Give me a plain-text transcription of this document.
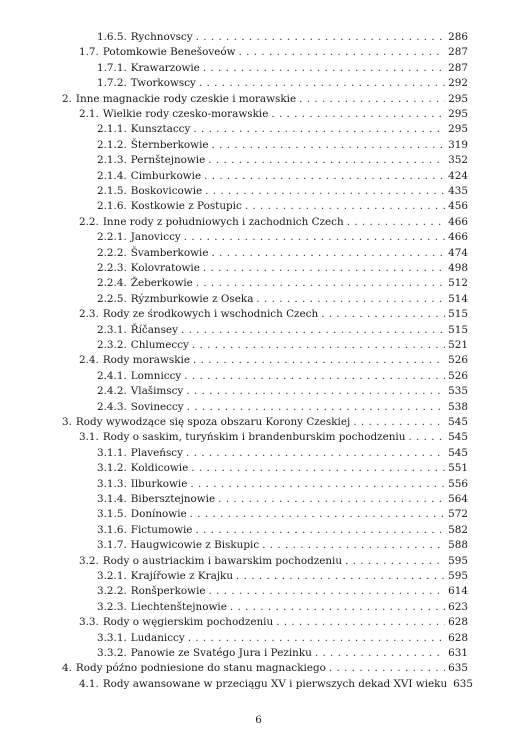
1.6.5. Rychnovscy . . .	286
1.7. Potomkowie Benešoveów . . .	287
1.7.1. Krawarzowie . . .	287
1.7.2. Tworkowscy . . .	292
2. Inne magnackie rody czeskie i morawskie . . .	295
2.1. Wielkie rody czesko-morawskie . . .	295
2.1.1. Kunsztaccy . . .	295
2.1.2. Šternberkowie . . .	319
2.1.3. Pernštejnowie . . .	352
2.1.4. Cimburkowie . . .	424
2.1.5. Boskovicowie . . .	435
2.1.6. Kostkowie z Postupic . . .	456
2.2. Inne rody z południowych i zachodnich Czech . . .	466
2.2.1. Janoviccy . . .	466
2.2.2. Švamberkowie . . .	474
2.2.3. Kolovratowie . . .	498
2.2.4. Žeberkowie . . .	512
2.2.5. Rýzmburkowie z Oseka . . .	514
2.3. Rody ze środkowych i wschodnich Czech . . .	515
2.3.1. Říčansey . . .	515
2.3.2. Chlumeccy . . .	521
2.4. Rody morawskie . . .	526
2.4.1. Lomniccy . . .	526
2.4.2. Vlašimscy . . .	535
2.4.3. Sovineccy . . .	538
3. Rody wywodzące się spoza obszaru Korony Czeskiej . . .	545
3.1. Rody o saskim, turyńskim i brandenburskim pochodzeniu . . .	545
3.1.1. Plaveńscy . . .	545
3.1.2. Koldicowie . . .	551
3.1.3. Ilburkowie . . .	556
3.1.4. Bibersztejnowie . . .	564
3.1.5. Donínowie . . .	572
3.1.6. Fictumowie . . .	582
3.1.7. Haugwicowie z Biskupic . . .	588
3.2. Rody o austriackim i bawarskim pochodzeniu . . .	595
3.2.1. Krajířowie z Krajku . . .	595
3.2.2. Ronšperkowie . . .	614
3.2.3. Liechtenštejnowie . . .	623
3.3. Rody o węgierskim pochodzeniu . . .	628
3.3.1. Ludaniccy . . .	628
3.3.2. Panowie ze Svatégo Jura i Pezinku . . .	631
4. Rody późno podniesione do stanu magnackiego . . .	635
4.1. Rody awansowane w przeciągu XV i pierwszych dekad XVI wieku 635
6
